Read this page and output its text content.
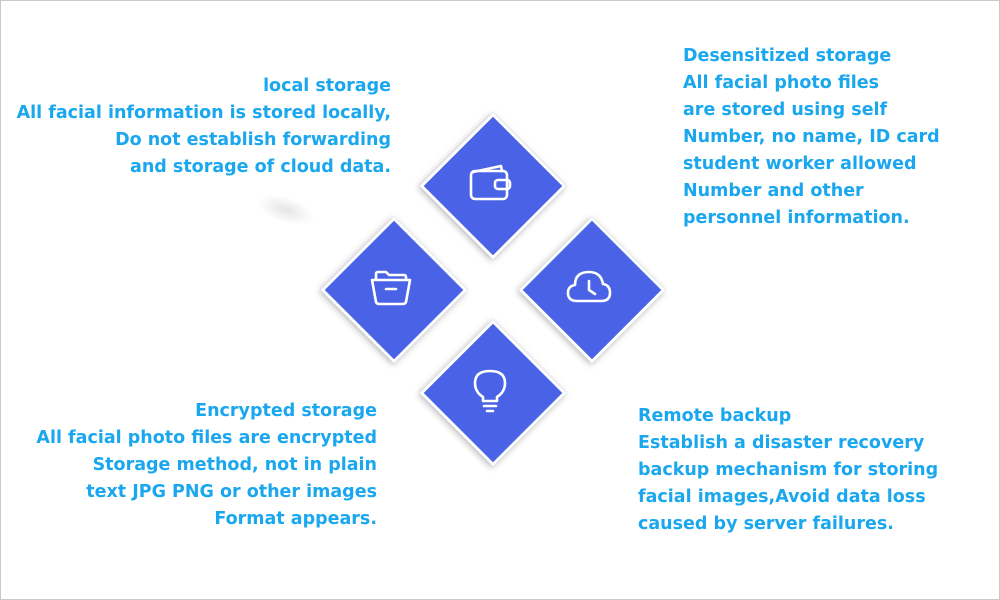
local storage
All facial information is stored locally,
Do not establish forwarding
and storage of cloud data.
Desensitized storage
All facial photo files
are stored using self
Number, no name, ID card
student worker allowed
Number and other
personnel information.
Encrypted storage
All facial photo files are encrypted
Storage method, not in plain
text JPG PNG or other images
Format appears.
Remote backup
Establish a disaster recovery
backup mechanism for storing
facial images,Avoid data loss
caused by server failures.
